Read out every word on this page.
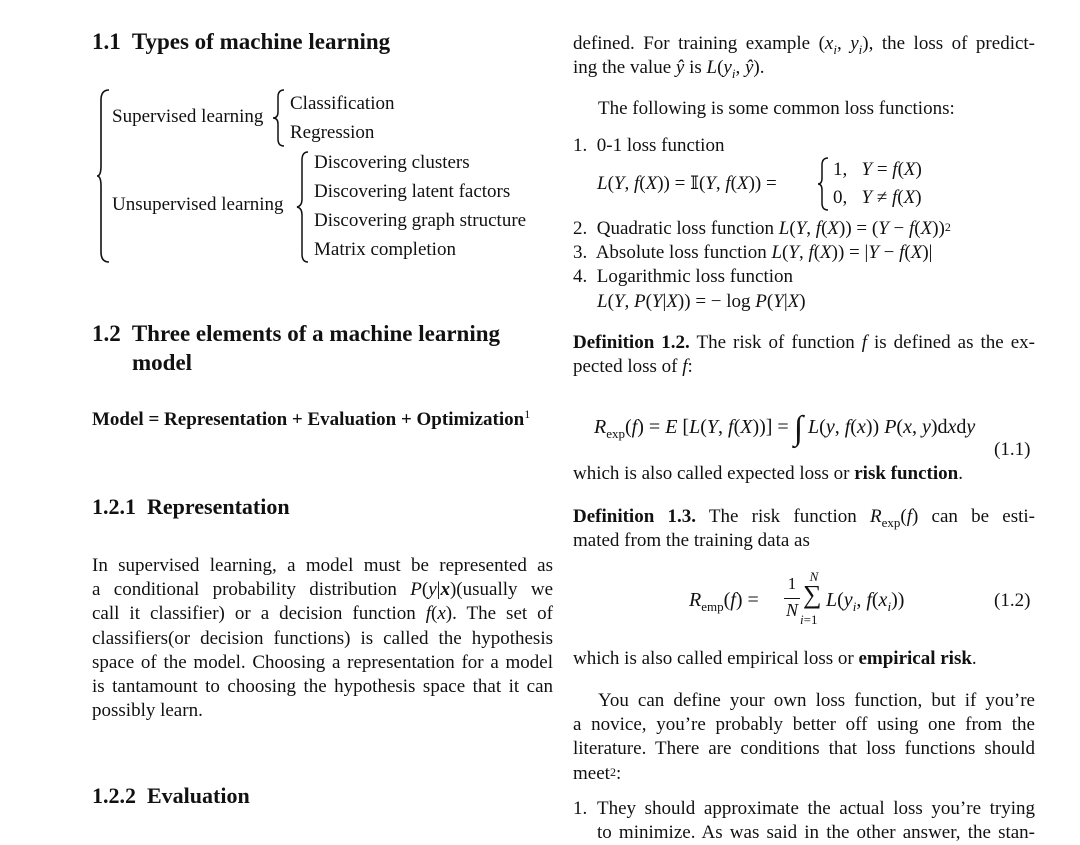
1.1 Types of machine learning
Supervised learning
Classification
Regression
Unsupervised learning
Discovering clusters
Discovering latent factors
Discovering graph structure
Matrix completion
1.2 Three elements of a machine learning
model
Model = Representation + Evaluation + Optimization$^1$
1.2.1 Representation
In supervised learning, a model must be represented as
a conditional probability distribution P(y|x)(usually we
call it classifier) or a decision function f(x). The set of
classifiers(or decision functions) is called the hypothesis
space of the model. Choosing a representation for a model
is tantamount to choosing the hypothesis space that it can
possibly learn.
1.2.2 Evaluation
defined. For training example ($x_i$, $y_i$), the loss of predict-
ing the value ŷ is $L(y_i$, ŷ).
The following is some common loss functions:
1. 0-1 loss function
L(Y, f(X)) = 𝕀(Y, f(X)) =
1,   Y = f(X)
0,   Y ≠ f(X)
2. Quadratic loss function L(Y, $f(X)) = (Y - f(X))^2$
3. Absolute loss function L(Y, f(X)) = |Y − f(X)|
4. Logarithmic loss function
L(Y, P(Y|X)) = − log P(Y|X)
Definition 1.2. The risk of function f is defined as the ex-
pected loss of f:
$R_{exp}(f) = E$ [L(Y, f(X))] = ∫ L(y, f(x)) P(x, y)dxdy
(1.1)
which is also called expected loss or risk function.
Definition 1.3. The risk function $R_{exp}(f)$ can be esti-
mated from the training data as
$R_{emp}(f)$ =
1
N
N
∑
i=1
$L(y_i$, $f(x_i)$)	(1.2)
which is also called empirical loss or empirical risk.
You can define your own loss function, but if you’re
a novice, you’re probably better off using one from the
literature. There are conditions that loss functions should
meet$^2$:
1. They should approximate the actual loss you’re trying
to minimize. As was said in the other answer, the stan-
